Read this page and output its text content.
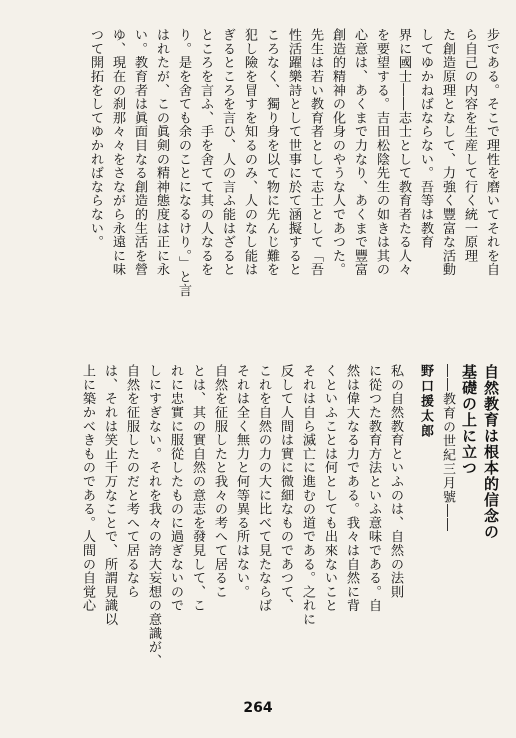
步である。そこで理性を磨いてそれを自
ら自己の内容を生産して行く統一原理
た創造原理となして、力強く豐富な活動
してゆかねばならない。吾等は教育
界に國士――志士として教育者たる人々
を要望する。吉田松陰先生の如きは其の
心意は、あくまで力なり、あくまで豐富
創造的精神の化身のやうな人であつた。
先生は若い教育者として志士として「吾
性活躍樂詩として世事に於て涵擬すると
ころなく、獨り身を以て物に先んじ難を
犯し險を冒すを知るのみ、人のなし能は
ぎるところを言ひ、人の言ふ能はざると
ところを言ふ、手を舍てて其の人なるを
り。是を舍ても余のことになるけり。」と言
はれたが、この眞剣の精神態度は正に永
い。教育者は眞面目なる創造的生活を營
ゆ、現在の刹那々々をさながら永遠に味
つて開拓をしてゆかればならない。
自然教育は根本的信念の
基礎の上に立つ
――教育の世紀三月號――
野口援太郎
私の自然教育といふのは、自然の法則
に從つた教育方法といふ意味である。自
然は偉大なる力である。我々は自然に背
くといふことは何としても出來ないこと
それは自ら滅亡に進むの道である。之れに
反して人間は實に微細なものであつて、
これを自然の力の大に比べて見たならば
それは全く無力と何等異る所はない。
自然を征服したと我々の考へて居るこ
とは、其の實自然の意志を發見して、こ
れに忠實に服從したものに過ぎないので
しにすぎない。それを我々の誇大妄想の意識が、
自然を征服したのだと考へて居るなら
は、それは笑止千万なことで、所謂見識以
上に築かべきものである。人間の自覚心
264
